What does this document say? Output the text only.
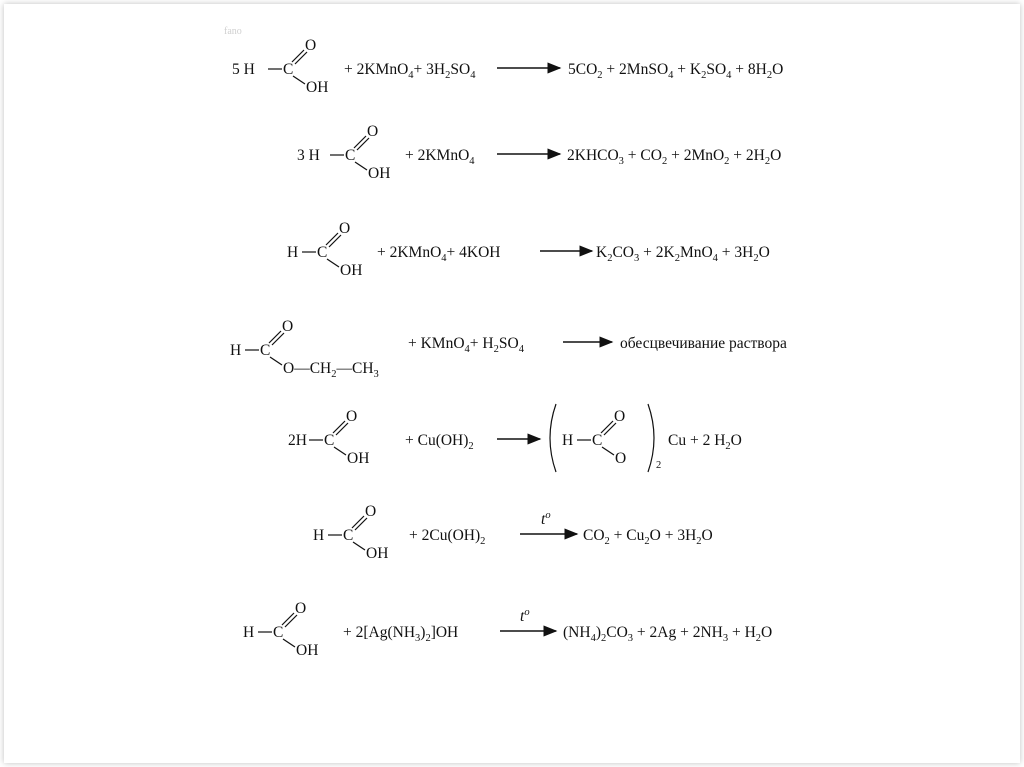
fano
5 H C
O
OH
+ 2KMnO$_4$+ $3H_2SO_4$	$5CO_2$ + 2MnSO$_4$ + $K_2SO_4 + 8H_2O$
3 H C
O
OH
+ 2KMnO$_4$	$2KHCO_3 + CO_2 + 2MnO_2 + 2H_2O$
H C
O
OH
+ 2KMnO$_4$+ 4KOH	$K_2CO_3 + 2K_2MnO_4 + 3H_2O$
H C
O
$O—CH_2—CH_3$
+ KMnO$_4$+ $H_2SO_4$	обесцвечивание раствора
2H C
O
OH
+ $Cu(OH)_2$	H C
O
O	2
Cu + 2 $H_2O$
H C
O
OH
+ $2Cu(OH)_2$
$t^o$
$CO_2 + Cu_2O + 3H_2O$
H C
O
OH
+ $2[Ag(NH_3)_2]OH$
$t^o$
$(NH_4)_2CO_3 + 2Ag + 2NH_3 + H_2O$
